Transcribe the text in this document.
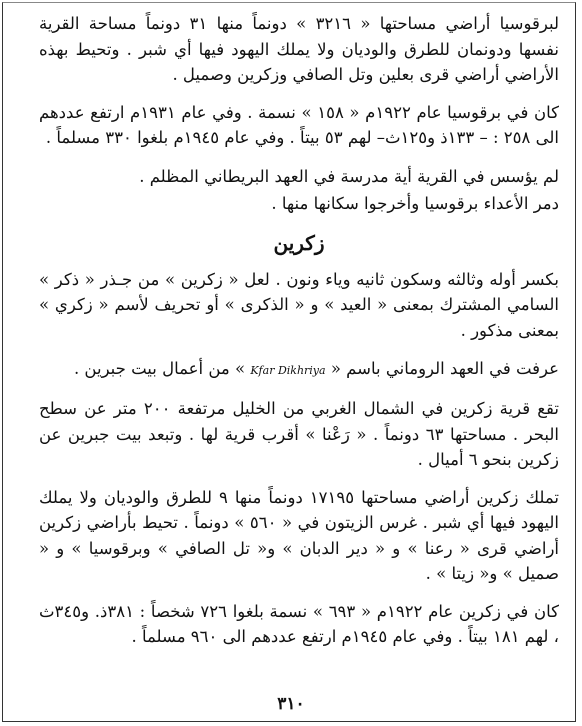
لبرقوسيا أراضي مساحتها « ٣٢١٦ » دونماً منها ٣١ دونماً مساحة القرية نفسها ودونمان للطرق والوديان ولا يملك اليهود فيها أي شبر . وتحيط بهذه الأراضي أراضي قرى بعلين وتل الصافي وزكرين وصميل .

كان في برقوسيا عام ١٩٢٢م « ١٥٨ » نسمة . وفي عام ١٩٣١م ارتفع عددهم الى ٢٥٨ : – ١٣٣ذ و١٢٥ث– لهم ٥٣ بيتاً . وفي عام ١٩٤٥م بلغوا ٣٣٠ مسلماً .

لم يؤسس في القرية أية مدرسة في العهد البريطاني المظلم .

دمر الأعداء برقوسيا وأخرجوا سكانها منها .

زكرين

بكسر أوله وثالثه وسكون ثانيه وياء ونون . لعل « زكرين » من جـذر « ذكر » السامي المشترك بمعنى « العيد » و « الذكرى » أو تحريف لأسم « زكري » بمعنى مذكور .

عرفت في العهد الروماني باسم « Kfar Dikhriya » من أعمال بيت جبرين .

تقع قرية زكرين في الشمال الغربي من الخليل مرتفعة ٢٠٠ متر عن سطح البحر . مساحتها ٦٣ دونماً . « رَعْنا » أقرب قرية لها . وتبعد بيت جبرين عن زكرين بنحو ٦ أميال .

تملك زكرين أراضي مساحتها ١٧١٩٥ دونماً منها ٩ للطرق والوديان ولا يملك اليهود فيها أي شبر . غرس الزيتون في « ٥٦٠ » دونماً . تحيط بأراضي زكرين أراضي قرى « رعنا » و « دير الدبان » و« تل الصافي » وبرقوسيا » و « صميل » و« زيتا » .

كان في زكرين عام ١٩٢٢م « ٦٩٣ » نسمة بلغوا ٧٢٦ شخصاً : ٣٨١ذ. و٣٤٥ث ، لهم ١٨١ بيتاً . وفي عام ١٩٤٥م ارتفع عددهم الى ٩٦٠ مسلماً .

٣١٠
